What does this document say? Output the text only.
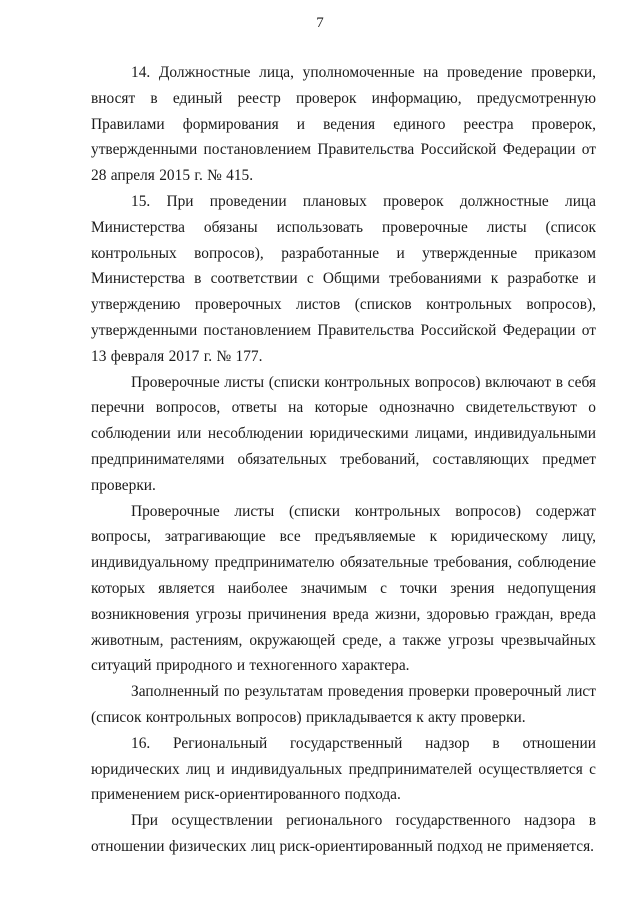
7

14. Должностные лица, уполномоченные на проведение проверки, вносят в единый реестр проверок информацию, предусмотренную Правилами формирования и ведения единого реестра проверок, утвержденными постановлением Правительства Российской Федерации от 28 апреля 2015 г. № 415.

15. При проведении плановых проверок должностные лица Министерства обязаны использовать проверочные листы (список контрольных вопросов), разработанные и утвержденные приказом Министерства в соответствии с Общими требованиями к разработке и утверждению проверочных листов (списков контрольных вопросов), утвержденными постановлением Правительства Российской Федерации от 13 февраля 2017 г. № 177.

Проверочные листы (списки контрольных вопросов) включают в себя перечни вопросов, ответы на которые однозначно свидетельствуют о соблюдении или несоблюдении юридическими лицами, индивидуальными предпринимателями обязательных требований, составляющих предмет проверки.

Проверочные листы (списки контрольных вопросов) содержат вопросы, затрагивающие все предъявляемые к юридическому лицу, индивидуальному предпринимателю обязательные требования, соблюдение которых является наиболее значимым с точки зрения недопущения возникновения угрозы причинения вреда жизни, здоровью граждан, вреда животным, растениям, окружающей среде, а также угрозы чрезвычайных ситуаций природного и техногенного характера.

Заполненный по результатам проведения проверки проверочный лист (список контрольных вопросов) прикладывается к акту проверки.

16. Региональный государственный надзор в отношении юридических лиц и индивидуальных предпринимателей осуществляется с применением риск-ориентированного подхода.

При осуществлении регионального государственного надзора в отношении физических лиц риск-ориентированный подход не применяется.
